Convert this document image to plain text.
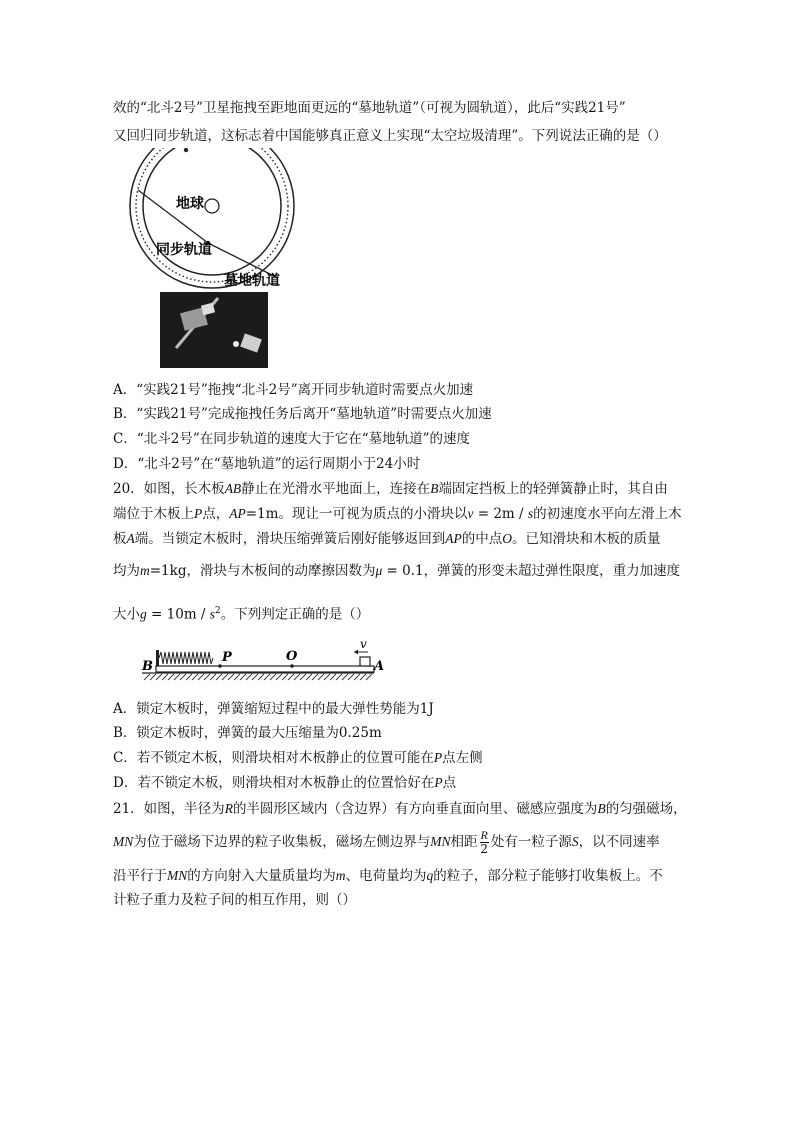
效的“北斗2号”卫星拖拽至距地面更远的“墓地轨道”（可视为圆轨道），此后“实践21号”
又回归同步轨道，这标志着中国能够真正意义上实现“太空垃圾清理”。下列说法正确的是（）
地球
同步轨道
墓地轨道
A．“实践21号”拖拽“北斗2号”离开同步轨道时需要点火加速
B．“实践21号”完成拖拽任务后离开“墓地轨道”时需要点火加速
C．“北斗2号”在同步轨道的速度大于它在“墓地轨道”的速度
D．“北斗2号”在“墓地轨道”的运行周期小于24小时
20．如图，长木板AB静止在光滑水平地面上，连接在B端固定挡板上的轻弹簧静止时，其自由
端位于木板上P点，AP=1m。现让一可视为质点的小滑块以v = 2m / s的初速度水平向左滑上木
板A端。当锁定木板时，滑块压缩弹簧后刚好能够返回到AP的中点O。已知滑块和木板的质量
均为m=1kg，滑块与木板间的动摩擦因数为μ = 0.1，弹簧的形变未超过弹性限度，重力加速度
大小$g = 10m / s^2$。下列判定正确的是（）
B
P	O
A
v
A．锁定木板时，弹簧缩短过程中的最大弹性势能为1J
B．锁定木板时，弹簧的最大压缩量为0.25m
C．若不锁定木板，则滑块相对木板静止的位置可能在P点左侧
D．若不锁定木板，则滑块相对木板静止的位置恰好在P点
21．如图，半径为R的半圆形区域内（含边界）有方向垂直面向里、磁感应强度为B的匀强磁场，
MN为位于磁场下边界的粒子收集板，磁场左侧边界与MN相距 $\frac{R}{2}$ 处有一粒子源S，以不同速率
沿平行于MN的方向射入大量质量均为m、电荷量均为q的粒子，部分粒子能够打收集板上。不
计粒子重力及粒子间的相互作用，则（）
